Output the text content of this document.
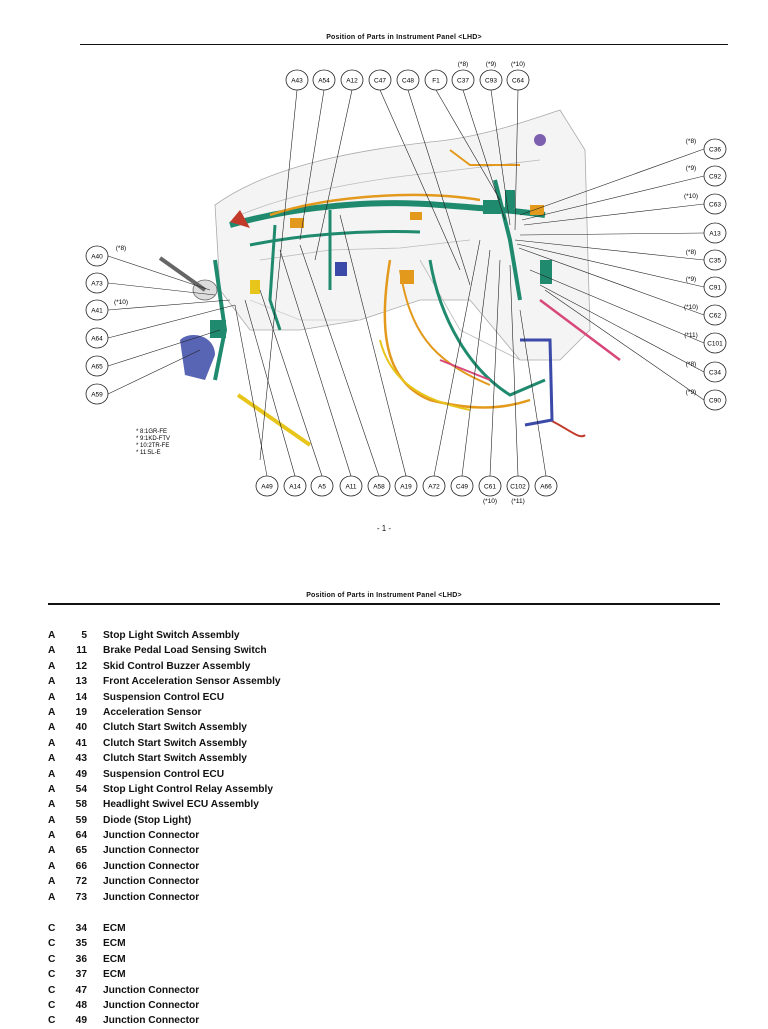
Position of Parts in Instrument Panel <LHD>
A43 A54	A12 C47 C48	F1	C37
(*8)
C93
(*9)
C64
(*10)
C36
(*8)
C92
(*9)
C63
(*10)
A13
C35
(*8)
C91
(*9)
C62
(*10)
C101
(*11)
C34
(*8)
C90
(*9)
A40
(*8)
A73
A41
(*10)
A64
A65
A59
A49	A14	A5	A11	A58 A19	A72 C49 C61
(*10)
C102
(*11)
A66
* 8:1GR-FE
* 9:1KD-FTV
* 10:2TR-FE
* 11:5L-E
- 1 -
Position of Parts in Instrument Panel <LHD>
A	5 Stop Light Switch Assembly
A 11 Brake Pedal Load Sensing Switch
A 12 Skid Control Buzzer Assembly
A 13 Front Acceleration Sensor Assembly
A 14 Suspension Control ECU
A 19 Acceleration Sensor
A 40 Clutch Start Switch Assembly
A 41 Clutch Start Switch Assembly
A 43 Clutch Start Switch Assembly
A 49 Suspension Control ECU
A 54 Stop Light Control Relay Assembly
A 58 Headlight Swivel ECU Assembly
A 59 Diode (Stop Light)
A 64 Junction Connector
A 65 Junction Connector
A 66 Junction Connector
A 72 Junction Connector
A 73 Junction Connector
C 34 ECM
C 35 ECM
C 36 ECM
C 37 ECM
C 47 Junction Connector
C 48 Junction Connector
C 49 Junction Connector
